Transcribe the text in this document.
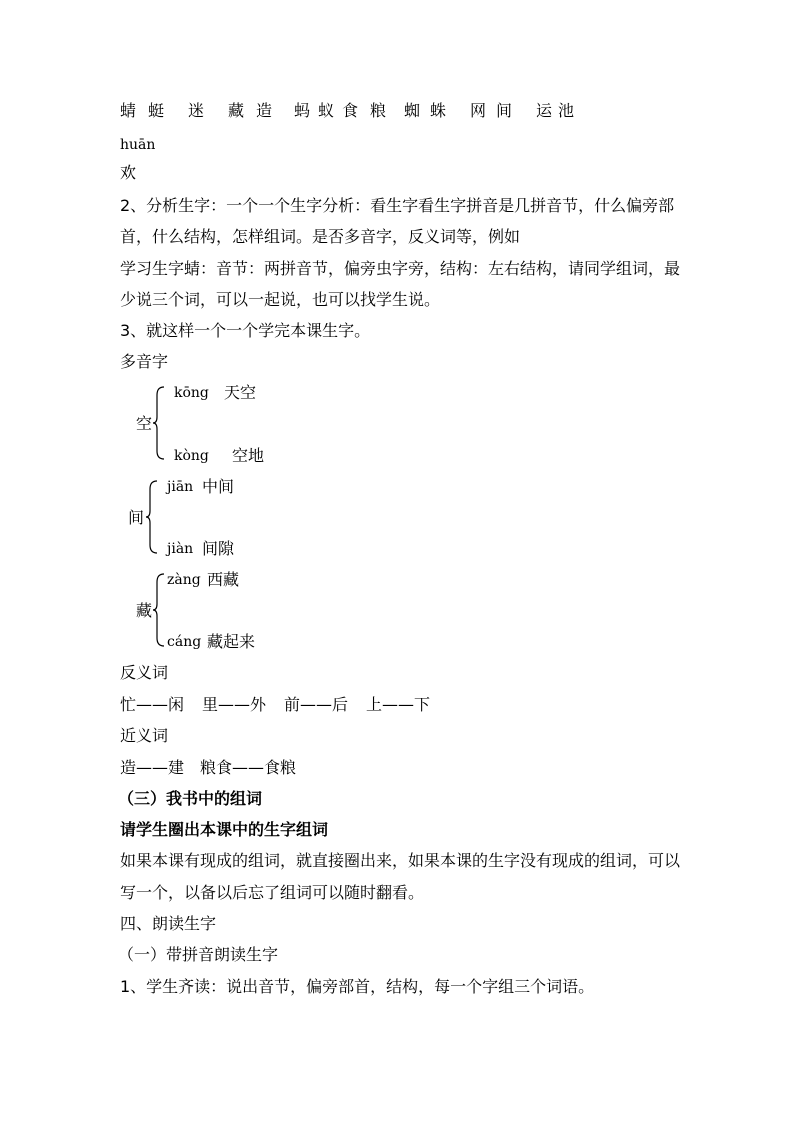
蜻 蜓 迷 藏 造 蚂 蚁 食 粮 蜘 蛛 网 间 运 池
huān
欢
2、分析生字：一个一个生字分析：看生字看生字拼音是几拼音节，什么偏旁部
首，什么结构，怎样组词。是否多音字，反义词等，例如
学习生字蜻：音节：两拼音节，偏旁虫字旁，结构：左右结构，请同学组词，最
少说三个词，可以一起说，也可以找学生说。
3、就这样一个一个学完本课生字。
多音字
空
kōng 天空
kòng 空地
间
jiān 中间
jiàn 间隙
藏
zàng 西藏
cáng 藏起来
反义词
忙——闲 里——外 前——后 上——下
近义词
造——建 粮食——食粮
（三）我书中的组词
请学生圈出本课中的生字组词
如果本课有现成的组词，就直接圈出来，如果本课的生字没有现成的组词，可以
写一个，以备以后忘了组词可以随时翻看。
四、朗读生字
（一）带拼音朗读生字
1、学生齐读：说出音节，偏旁部首，结构，每一个字组三个词语。
